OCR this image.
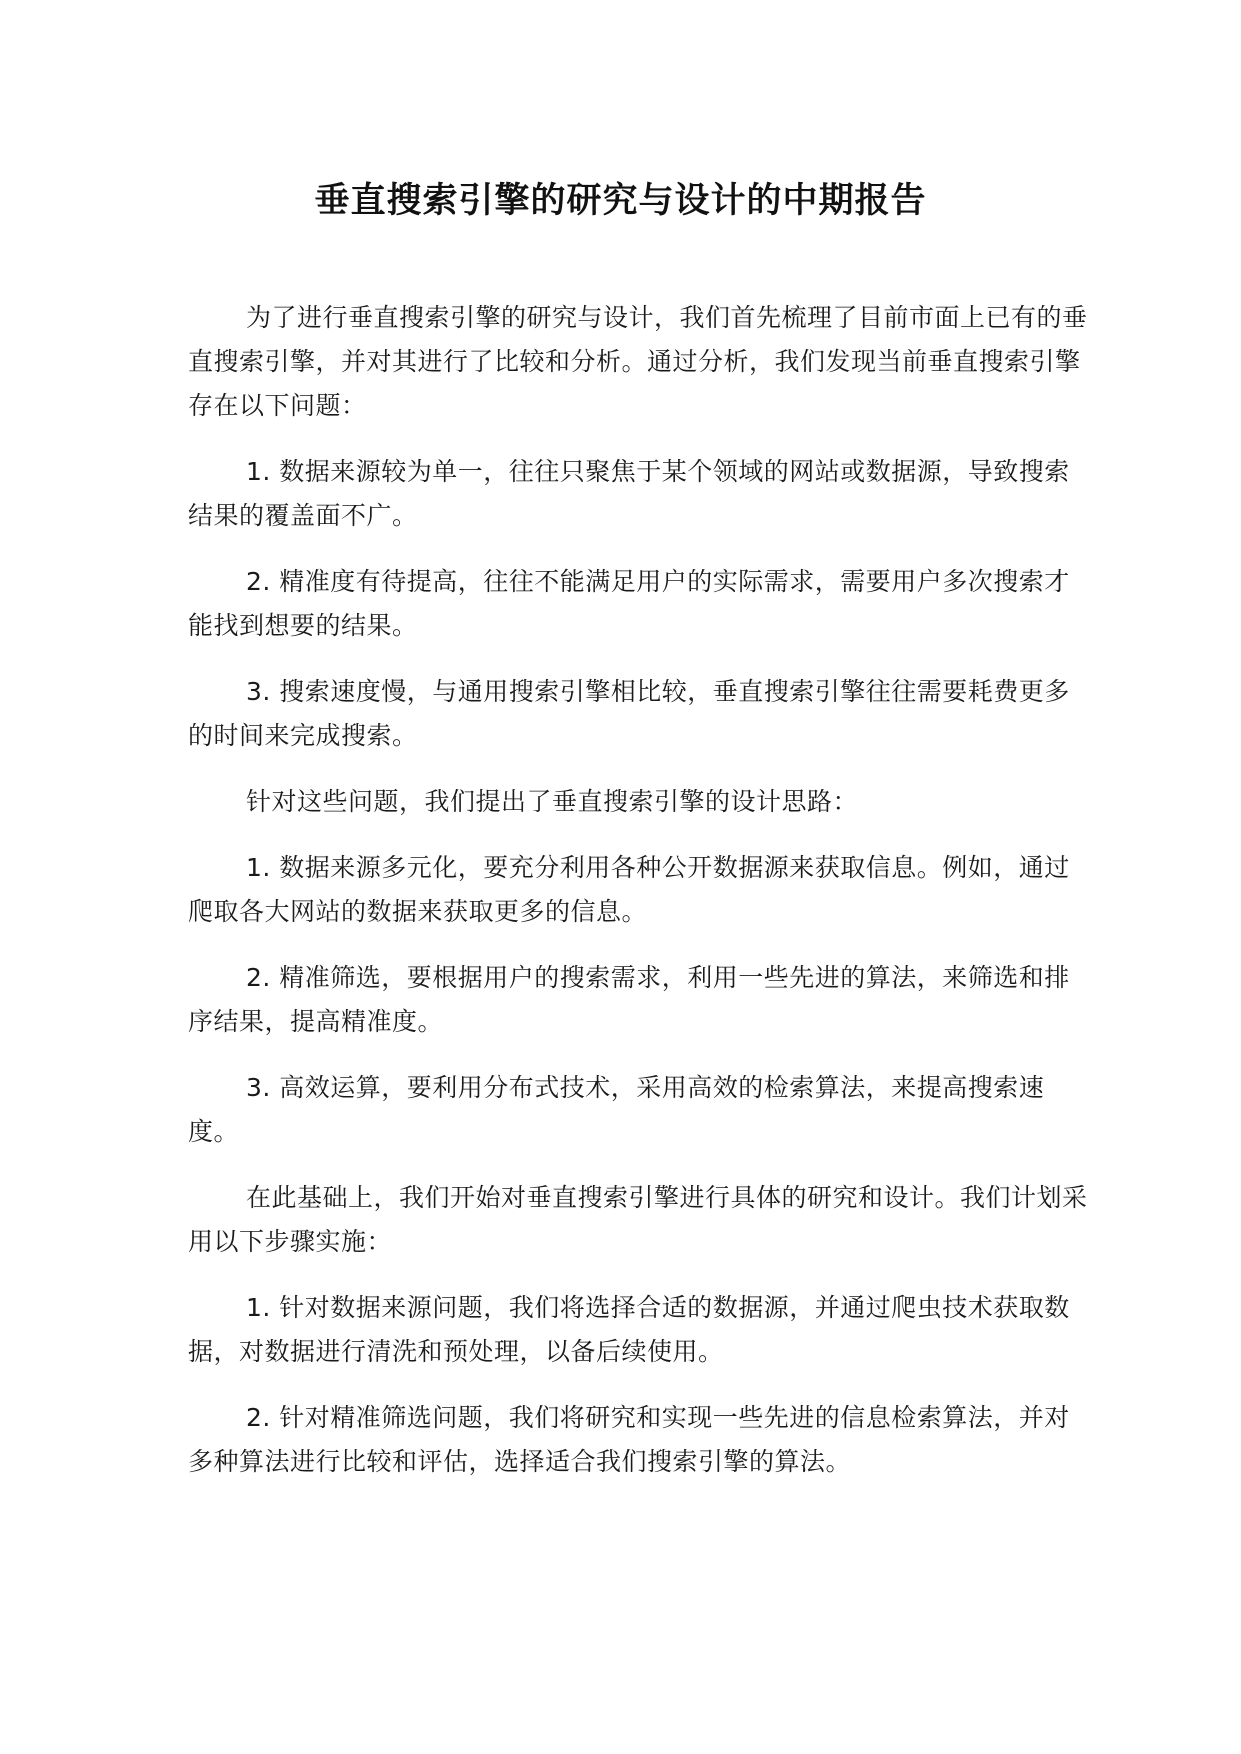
垂直搜索引擎的研究与设计的中期报告

为了进行垂直搜索引擎的研究与设计，我们首先梳理了目前市面上已有的垂直搜索引擎，并对其进行了比较和分析。通过分析，我们发现当前垂直搜索引擎存在以下问题：

1. 数据来源较为单一，往往只聚焦于某个领域的网站或数据源，导致搜索结果的覆盖面不广。

2. 精准度有待提高，往往不能满足用户的实际需求，需要用户多次搜索才能找到想要的结果。

3. 搜索速度慢，与通用搜索引擎相比较，垂直搜索引擎往往需要耗费更多的时间来完成搜索。

针对这些问题，我们提出了垂直搜索引擎的设计思路：

1. 数据来源多元化，要充分利用各种公开数据源来获取信息。例如，通过爬取各大网站的数据来获取更多的信息。

2. 精准筛选，要根据用户的搜索需求，利用一些先进的算法，来筛选和排序结果，提高精准度。

3. 高效运算，要利用分布式技术，采用高效的检索算法，来提高搜索速度。

在此基础上，我们开始对垂直搜索引擎进行具体的研究和设计。我们计划采用以下步骤实施：

1. 针对数据来源问题，我们将选择合适的数据源，并通过爬虫技术获取数据，对数据进行清洗和预处理，以备后续使用。

2. 针对精准筛选问题，我们将研究和实现一些先进的信息检索算法，并对多种算法进行比较和评估，选择适合我们搜索引擎的算法。
